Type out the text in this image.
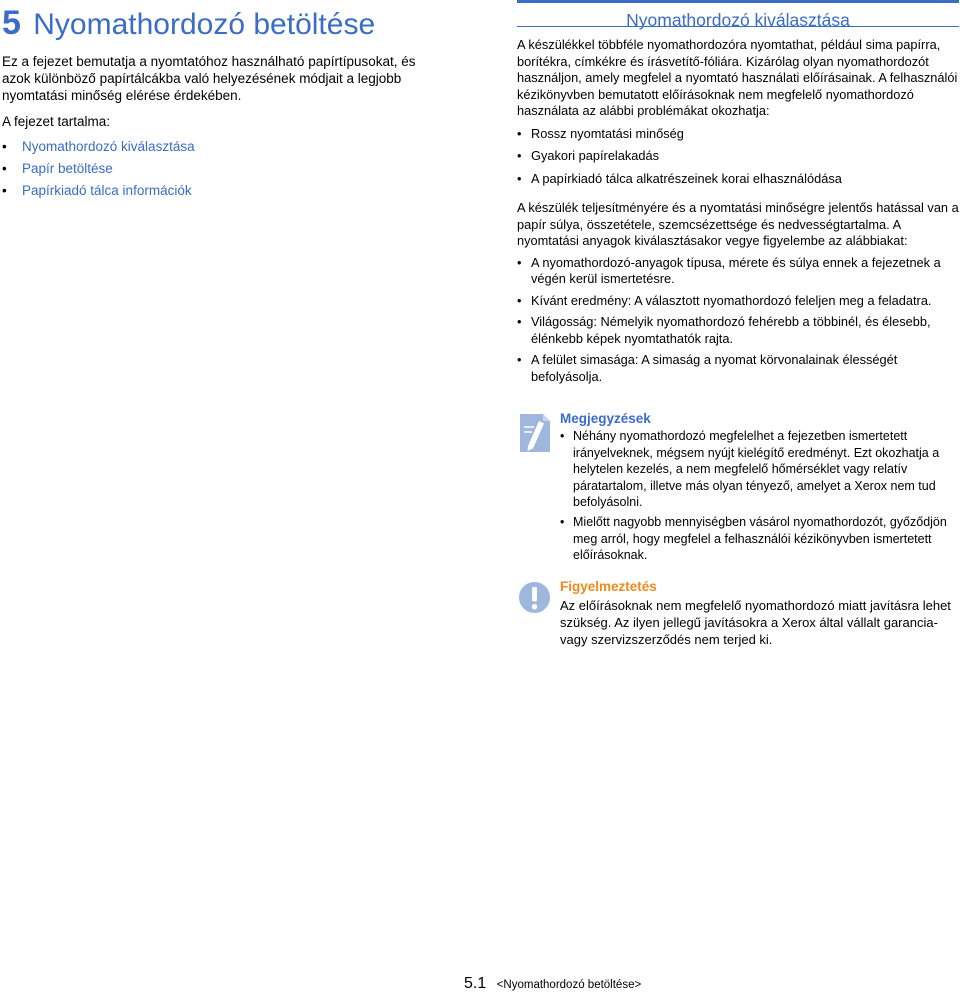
5 Nyomathordozó betöltése

Ez a fejezet bemutatja a nyomtatóhoz használható papírtípusokat, és azok különböző papírtálcákba való helyezésének módjait a legjobb nyomtatási minőség elérése érdekében.

A fejezet tartalma:

• Nyomathordozó kiválasztása
• Papír betöltése
• Papírkiadó tálca információk
Nyomathordozó kiválasztása

A készülékkel többféle nyomathordozóra nyomtathat, például sima papírra, borítékra, címkékre és írásvetítő-fóliára. Kizárólag olyan nyomathordozót használjon, amely megfelel a nyomtató használati előírásainak. A felhasználói kézikönyvben bemutatott előírásoknak nem megfelelő nyomathordozó használata az alábbi problémákat okozhatja:

• Rossz nyomtatási minőség
• Gyakori papírelakadás
• A papírkiadó tálca alkatrészeinek korai elhasználódása

A készülék teljesítményére és a nyomtatási minőségre jelentős hatással van a papír súlya, összetétele, szemcsézettsége és nedvességtartalma. A nyomtatási anyagok kiválasztásakor vegye figyelembe az alábbiakat:

• A nyomathordozó-anyagok típusa, mérete és súlya ennek a fejezetnek a végén kerül ismertetésre.
• Kívánt eredmény: A választott nyomathordozó feleljen meg a feladatra.
• Világosság: Némelyik nyomathordozó fehérebb a többinél, és élesebb, élénkebb képek nyomtathatók rajta.
• A felület simasága: A simaság a nyomat körvonalainak élességét befolyásolja.

Megjegyzések

• Néhány nyomathordozó megfelelhet a fejezetben ismertetett irányelveknek, mégsem nyújt kielégítő eredményt. Ezt okozhatja a helytelen kezelés, a nem megfelelő hőmérséklet vagy relatív páratartalom, illetve más olyan tényező, amelyet a Xerox nem tud befolyásolni.
• Mielőtt nagyobb mennyiségben vásárol nyomathordozót, győződjön meg arról, hogy megfelel a felhasználói kézikönyvben ismertetett előírásoknak.

Figyelmeztetés

Az előírásoknak nem megfelelő nyomathordozó miatt javításra lehet szükség. Az ilyen jellegű javításokra a Xerox által vállalt garancia- vagy szervizszerződés nem terjed ki.

5.1 <Nyomathordozó betöltése>
